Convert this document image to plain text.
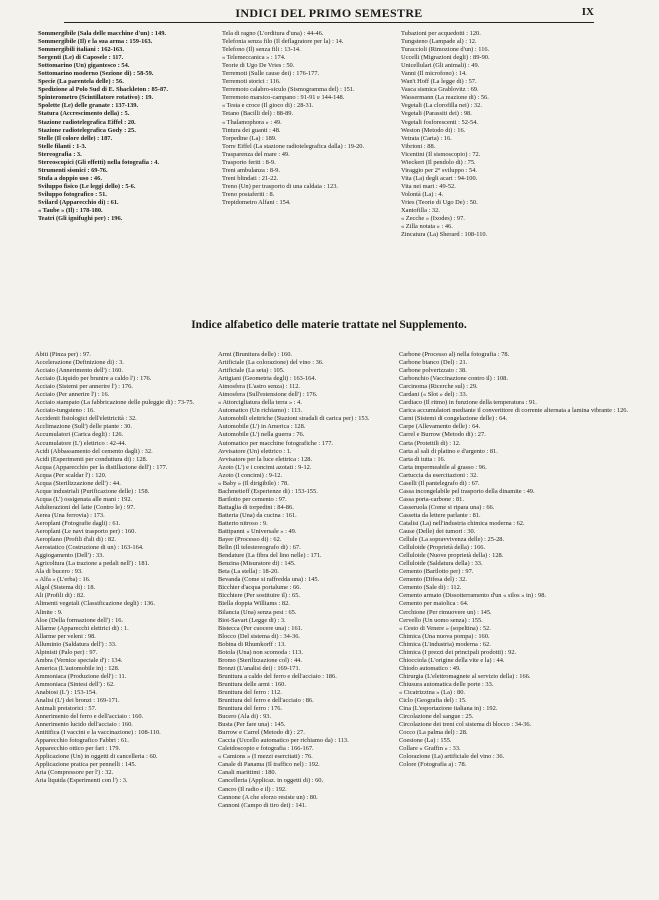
INDICI DEL PRIMO SEMESTRE	IX
Sommergibile (Sala delle macchine d'un) : 149.
Sommergibile (Il) e la sua arma : 159-163.
Sommergibili italiani : 162-163.
Sorgenti (Le) di Caposele : 117.
Sottomarino (Un) gigantesco : 54.
Sottomarino moderno (Sezione di) : 58-59.
Specie (La parentela delle) : 56.
Spedizione al Polo Sud di E. Shackleton : 85-87.
Spinterometro (Scintillatore rotativo) : 19.
Spolette (Le) delle granate : 137-139.
Statura (Accrescimento della) : 5.
Stazione radiotelegrafica Eiffel : 20.
Stazione radiotelegrafica Gody : 25.
Stelle (Il colore delle) : 187.
Stelle filanti : 1-3.
Stereografia : 3.
Stereoscopici (Gli effetti) nella fotografia : 4.
Strumenti sismici : 69-76.
Stufa a doppio uso : 46.
Sviluppo fisico (Le leggi dello) : 5-6.
Sviluppo fotografico : 51.
Svilard (Apparecchio di) : 61.
« Taube » (Il) : 178-180.
Teatri (Gli ignifughi per) : 196.
Tela di ragno (L'orditura d'una) : 44-46.
Telefonia senza filo (Il deflagratore per la) : 14.
Telefono (Il) senza fili : 13-14.
« Telemeccanica » : 174.
Teorie di Ugo De Vries : 50.
Terremoti (Sulle cause dei) : 176-177.
Terremoti storici : 116.
Terremoto calabro-siculo (Sismogramma del) : 151.
Terremoto marsico-campano : 91-91 e 144-148.
« Testa e croce (Il gioco di) : 28-31.
Tetano (Bacilli del) : 88-89.
« Thalamophora » : 49.
Tintura dei guanti : 48.
Torpedine (La) : 189.
Torre Eiffel (La stazione radiotelegrafica dalla) : 19-20.
Trasparenza del mare : 49.
Trasporto feriti : 8-9.
Treni ambulanza : 8-9.
Treni blindati : 21-22.
Treno (Un) per trasporto di una caldaia : 123.
Treno postaferiti : 8.
Trepidometro Alfani : 154.
Tubazioni per acquedotti : 120.
Tungsteno (Lampade al) : 12.
Turaccioli (Rimozione d'un) : 116.
Uccelli (Migrazioni degli) : 89-90.
Unicellulari (Gli animali) : 49.
Vanni (Il microfono) : 14.
Wan't Hoff (La legge di) : 57.
Vasca sismica Grablovitz : 69.
Wassermann (La reazione di) : 56.
Vegetali (La clorofilla nei) : 32.
Vegetali (Parassiti dei) : 98.
Vegetali fosforescenti : 52-54.
Weston (Metodo di) : 16.
Vetrata (Carta) : 16.
Vibrioni : 88.
Vicentini (Il sismoscopio) : 72.
Wieckert (Il pendolo di) : 75.
Viraggio per 2° sviluppo : 54.
Vita (La) degli acari : 94-100.
Vita nei mari : 49-52.
Volontà (La) : 4.
Vries (Teorie di Ugo De) : 50.
Xantofilla : 32.
« Zecche » (Ixodes) : 97.
« Zilla notata » : 46.
Zincatura (La) Sherard : 108-110.
Indice alfabetico delle materie trattate nel Supplemento.
Abiti (Pinza per) : 97.
Accelerazione (Definizione di) : 3.
Acciaio (Annerimento dell') : 160.
Acciaio (Liquido per brunire a caldo l') : 176.
Acciaio (Sistemi per annerire l') : 176.
Acciaio (Per annerire l') : 16.
Acciaio stampato (La fabbricazione delle puleggie di) : 73-75.
Acciaio-tungsteno : 16.
Accidenti fisiologici dell'elettricità : 32.
Acclimazione (Sull') delle piante : 30.
Accumulatori (Carica degli) : 126.
Accumulatore (L') elettrico : 42-44.
Acidi (Abbassamento del cemento dagli) : 32.
Acidi (Esperimenti per conduttura di) : 128.
Acqua (Apparecchio per la distillazione dell') : 177.
Acqua (Per scaldar l') : 120.
Acqua (Sterilizzazione dell') : 44.
Acque industriali (Purificazione delle) : 158.
Acqua (L') ossigenata alle mani : 192.
Adulterazioni del latte (Contro le) : 97.
Aerea (Una ferrovia) : 173.
Aeroplani (Fotografie dagli) : 61.
Aeroplani (Le navi trasporto per) : 160.
Aeroplano (Profili d'ali di) : 82.
Aerostatico (Costruzione di un) : 163-164.
Aggiogamento (Dell') : 33.
Agricoltura (La trazione a pedali nell') : 181.
Ala di bucero : 93.
« Alfa » (L'erba) : 16.
Algol (Sistema di) : 18.
Ali (Profili di) : 82.
Alimenti vegetali (Classificazione degli) : 136.
Alinite : 9.
Aloe (Della formazione dell') : 16.
Allarme (Apparecchi elettrici di) : 1.
Allarme per veleni : 98.
Alluminio (Saldatura dell') : 33.
Alpinisti (Palo per) : 97.
Ambra (Vernice speciale d') : 134.
America (L'automobile in) : 128.
Ammoniaca (Produzione dell') : 11.
Ammoniaca (Sintesi dell') : 62.
Anabiosi (L') : 153-154.
Analisi (L') dei bronzi : 169-171.
Animali preistorici : 57.
Annerimento del ferro e dell'acciaio : 160.
Annerimento lucido dell'acciaio : 160.
Antitifica (I vaccini e la vaccinazione) : 108-110.
Apparecchio fotografico Fabbri : 61.
Apparecchio ottico per fari : 179.
Applicazione (Un) in oggetti di cancelleria : 60.
Applicazione pratica per pennelli : 145.
Aria (Compressore per l') : 32.
Aria liquida (Esperimenti con l') : 3.
Armi (Brunitura delle) : 160.
Artificiale (La colorazione) del vino : 36.
Artificiale (La seta) : 105.
Artigiani (Geometria degli) : 163-164.
Atmosfera (L'astro senza) : 112.
Atmosfera (Sull'estensione dell') : 176.
« Attorcigliatura della terra » : 4.
Automatico (Un richiamo) : 113.
Automobili elettriche (Stazioni stradali di carica per) : 153.
Automobile (L') in America : 128.
Automobile (L') nella guerra : 76.
Automatico per macchine fotografiche : 177.
Avvisatore (Un) elettrico : 1.
Avvisatore per la luce elettrica : 128.
Azoto (L') e i concimi azotati : 9-12.
Azoto (I concimi) : 9-12.
« Baby » (Il dirigibile) : 78.
Bachmetieff (Esperienze di) : 153-155.
Barilotto per cemento : 97.
Battaglia di torpedini : 84-86.
Batteria (Una) da cucina : 161.
Batterio nitroso : 9.
Battipanni « Universale » : 49.
Bayer (Processo di) : 62.
Belin (Il telestereografo di) : 67.
Bendature (La fibra del lino nelle) : 171.
Benzina (Misuratore di) : 145.
Beta (La stella) : 18-20.
Bevanda (Come si raffredda una) : 145.
Bicchier d'acqua portalume : 66.
Bicchiere (Per sostituire il) : 65.
Biella doppia Williams : 82.
Bilancia (Una) senza pesi : 65.
Biot-Savart (Legge di) : 3.
Bistecca (Per cuocere una) : 161.
Blocco (Del sistema di) : 34-36.
Bobina di Rhumkorff : 13.
Botola (Una) non scomoda : 113.
Bromo (Sterilizzazione col) : 44.
Bronzi (L'analisi dei) : 169-171.
Brunitura a caldo del ferro e dell'acciaio : 186.
Brunitura delle armi : 160.
Brunitura del ferro : 112.
Brunitura del ferro e dell'acciaio : 86.
Brunitura del ferro : 176.
Bucero (Ala di) : 93.
Busta (Per fare una) : 145.
Burrow e Carrel (Metodo di) : 27.
Caccia (Uccello automatico per richiamo da) : 113.
Caleidoscopio e fotografia : 166-167.
« Camions » (I mezzi esercitati) : 76.
Canale di Panama (Il traffico nel) : 192.
Canali marittimi : 180.
Cancelleria (Applicaz. in oggetti di) : 60.
Cancro (Il radio e il) : 192.
Cannone (A che sforzo resiste un) : 80.
Cannoni (Campo di tiro dei) : 141.
Carbone (Processo al) nella fotografia : 78.
Carbone bianco (Del) : 21.
Carbone polverizzato : 38.
Carbonchio (Vaccinazione contro il) : 108.
Carcinoma (Ricerche sul) : 29.
Cardani (« Slot » del) : 33.
Cardiaco (Il ritmo) in funzione della temperatura : 91.
Carica accumulatori mediante il convertitore di corrente alternata a lamina vibrante : 126.
Carni (Sistemi di congelazione delle) : 64.
Carpe (Allevamento delle) : 64.
Carrel e Burrow (Metodo di) : 27.
Carta (Proiettili di) : 12.
Carta al sali di platino e d'argento : 81.
Carta di tutta : 16.
Carta impermeabile al grasso : 96.
Cartuccia da esercitazioni : 32.
Caselli (Il pantelegrafo di) : 67.
Cassa incongelabile pel trasporto della dinamite : 49.
Cassa porta-carbone : 81.
Casseruola (Come si ripara una) : 66.
Cassetta da lettere parlante : 81.
Catalisi (La) nell'industria chimica moderna : 62.
Cause (Delle) dei tumori : 30.
Cellule (La sopravvivenza delle) : 25-28.
Celluloide (Proprietà della) : 166.
Celluloide (Nuove proprietà della) : 128.
Celluloide (Saldatura della) : 33.
Cemento (Barilotto per) : 97.
Cemento (Difesa del) : 32.
Cemento (Sale di) : 112.
Cemento armato (Dissotterramento d'un « silos » in) : 98.
Cemento per maiolica : 64.
Cerchione (Per rimuovere un) : 145.
Cervello (Un uomo senza) : 155.
« Cesto di Venere » (sopeltina) : 52.
Chimica (Una nuova pompa) : 160.
Chimica (L'industria) moderna : 62.
Chimica (I prezzi dei principali prodotti) : 92.
Chiocciola (L'origine della vite e la) : 44.
Chiodo automatico : 49.
Chirurgia (L'elettromagnete al servizio della) : 166.
Chiusura automatica delle porte : 33.
« Cicatrizzina » (La) : 80.
Ciclo (Geografia del) : 15.
Cina (L'esportazione italiana in) : 192.
Circolazione del sangue : 25.
Circolazione dei treni col sistema di blocco : 34-36.
Cocco (La palma del) : 28.
Coesione (La) : 155.
Collare « Graffin » : 33.
Colorazione (La) artificiale del vino : 36.
Colore (Fotografia a) : 78.
